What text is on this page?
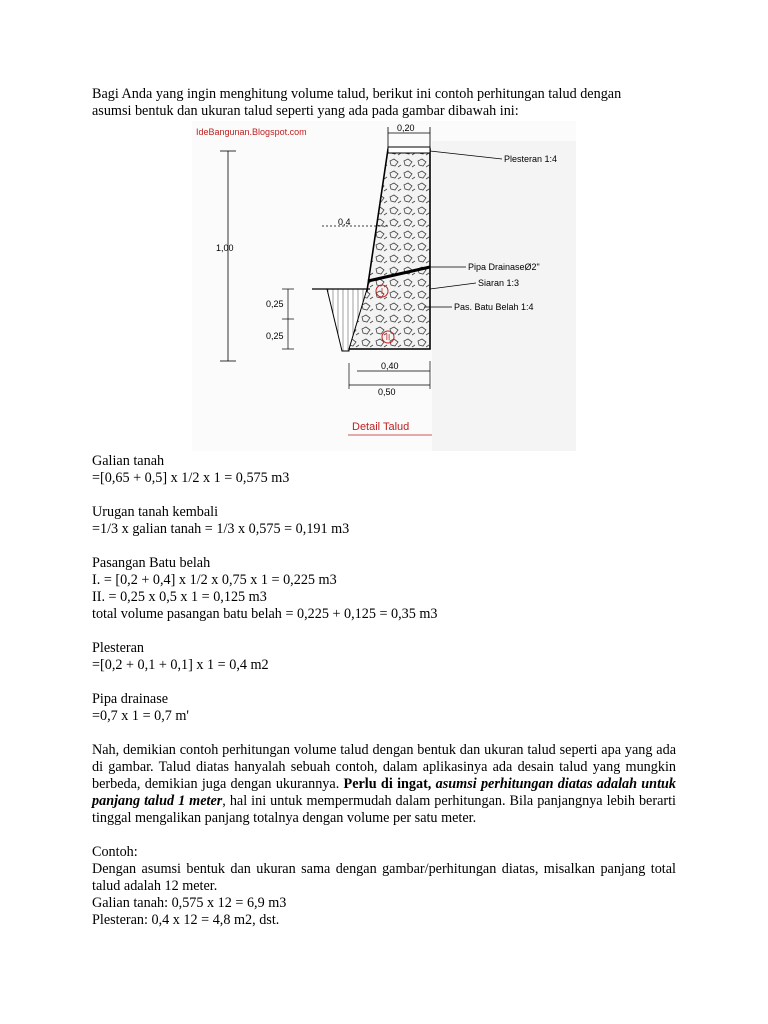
Bagi Anda yang ingin menghitung volume talud, berikut ini contoh perhitungan talud dengan

asumsi bentuk dan ukuran talud seperti yang ada pada gambar dibawah ini:

IdeBangunan.Blogspot.com
I
II
0,20
1,00
0,4
0,25
0,25
0,40
0,50
Plesteran 1:4
Pipa DrainaseØ2"
Siaran 1:3
Pas. Batu Belah 1:4
Detail Talud

Galian tanah

=[0,65 + 0,5] x 1/2 x 1 = 0,575 m3

Urugan tanah kembali

=1/3 x galian tanah = 1/3 x 0,575 = 0,191 m3

Pasangan Batu belah

I. = [0,2 + 0,4] x 1/2 x 0,75 x 1 = 0,225 m3

II. = 0,25 x 0,5 x 1 = 0,125 m3

total volume pasangan batu belah = 0,225 + 0,125 = 0,35 m3

Plesteran

=[0,2 + 0,1 + 0,1] x 1 = 0,4 m2

Pipa drainase

=0,7 x 1 = 0,7 m'

Nah, demikian contoh perhitungan volume talud dengan bentuk dan ukuran talud seperti apa yang ada di gambar. Talud diatas hanyalah sebuah contoh, dalam aplikasinya ada desain talud yang mungkin berbeda, demikian juga dengan ukurannya. Perlu di ingat, asumsi perhitungan diatas adalah untuk panjang talud 1 meter, hal ini untuk mempermudah dalam perhitungan. Bila panjangnya lebih berarti tinggal mengalikan panjang totalnya dengan volume per satu meter.

Contoh:

Dengan asumsi bentuk dan ukuran sama dengan gambar/perhitungan diatas, misalkan panjang total talud adalah 12 meter.

Galian tanah: 0,575 x 12 = 6,9 m3

Plesteran: 0,4 x 12 = 4,8 m2, dst.
